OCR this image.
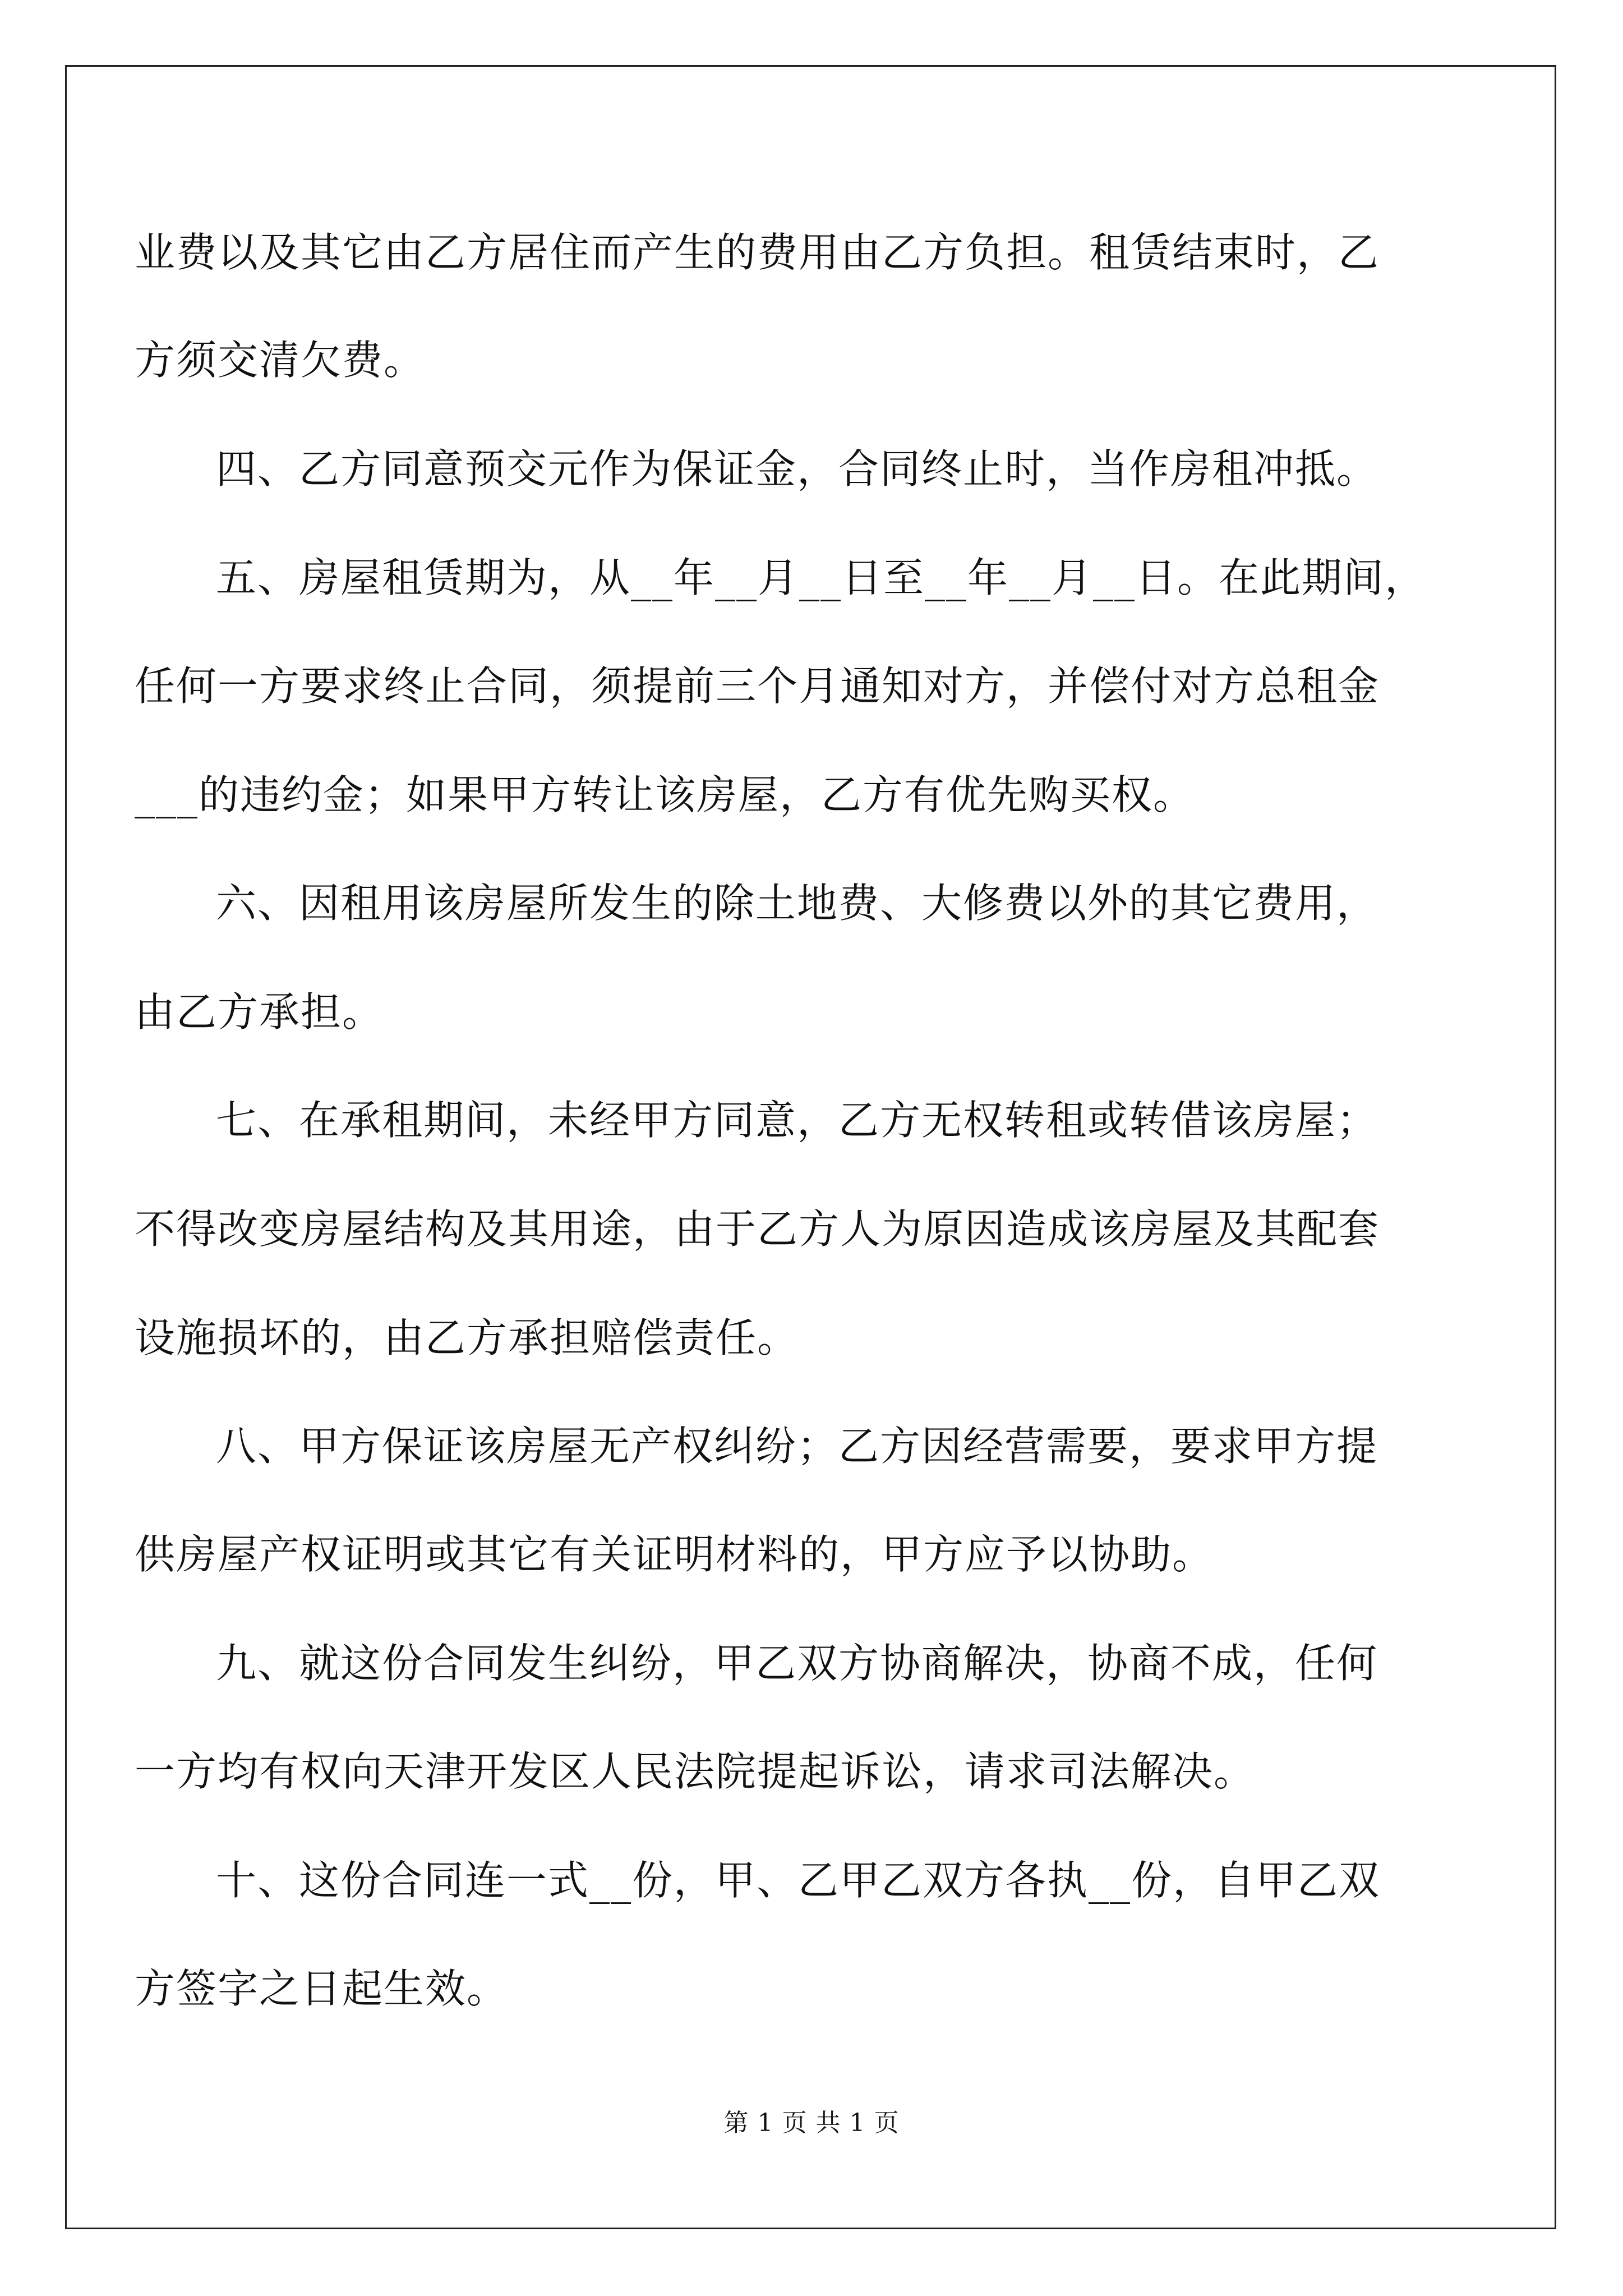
业费以及其它由乙方居住而产生的费用由乙方负担。租赁结束时，乙
方须交清欠费。
四、乙方同意预交元作为保证金，合同终止时，当作房租冲抵。
五、房屋租赁期为，从__年__月__日至__年__月__日。在此期间，
任何一方要求终止合同，须提前三个月通知对方，并偿付对方总租金
___的违约金；如果甲方转让该房屋，乙方有优先购买权。
六、因租用该房屋所发生的除土地费、大修费以外的其它费用，
由乙方承担。
七、在承租期间，未经甲方同意，乙方无权转租或转借该房屋；
不得改变房屋结构及其用途，由于乙方人为原因造成该房屋及其配套
设施损坏的，由乙方承担赔偿责任。
八、甲方保证该房屋无产权纠纷；乙方因经营需要，要求甲方提
供房屋产权证明或其它有关证明材料的，甲方应予以协助。
九、就这份合同发生纠纷，甲乙双方协商解决，协商不成，任何
一方均有权向天津开发区人民法院提起诉讼，请求司法解决。
十、这份合同连一式__份，甲、乙甲乙双方各执__份，自甲乙双
方签字之日起生效。
第 1 页 共 1 页
